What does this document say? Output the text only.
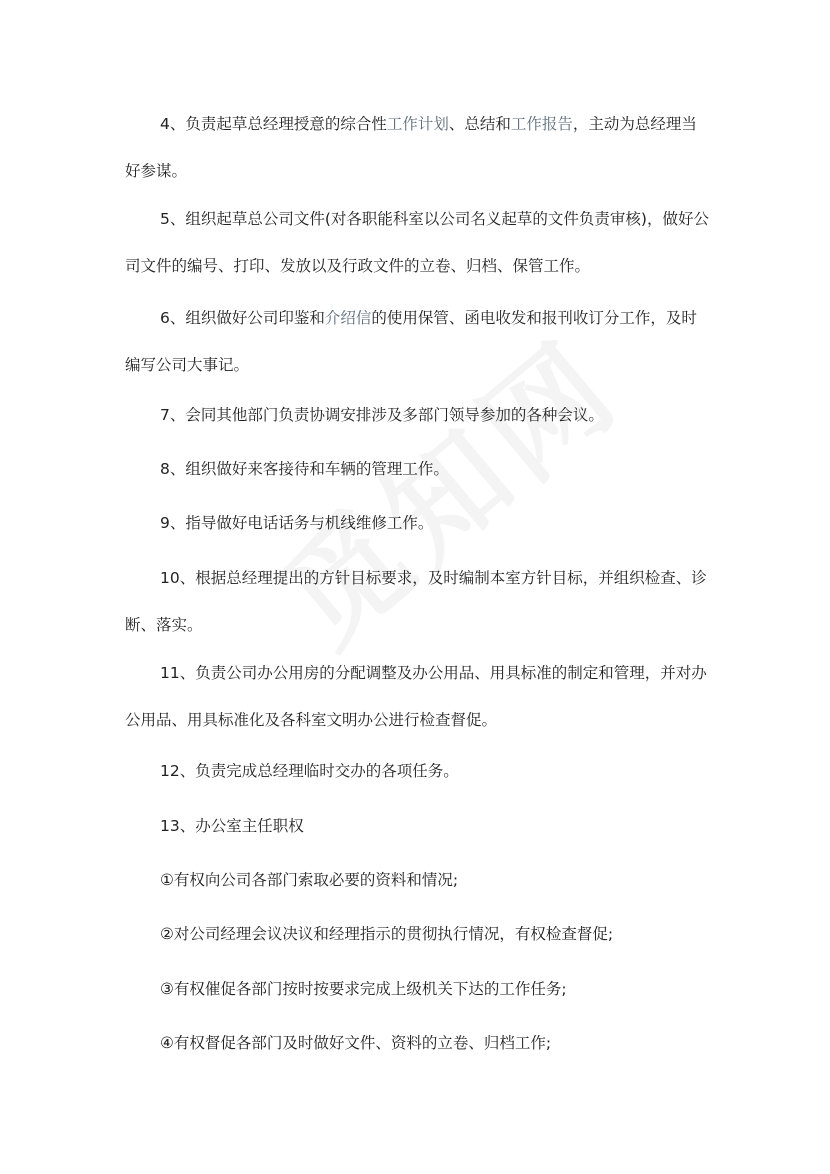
4、负责起草总经理授意的综合性工作计划、总结和工作报告，主动为总经理当好参谋。

5、组织起草总公司文件(对各职能科室以公司名义起草的文件负责审核)，做好公司文件的编号、打印、发放以及行政文件的立卷、归档、保管工作。

6、组织做好公司印鉴和介绍信的使用保管、函电收发和报刊收订分工作，及时编写公司大事记。

7、会同其他部门负责协调安排涉及多部门领导参加的各种会议。

8、组织做好来客接待和车辆的管理工作。

9、指导做好电话话务与机线维修工作。

10、根据总经理提出的方针目标要求，及时编制本室方针目标，并组织检查、诊断、落实。

11、负责公司办公用房的分配调整及办公用品、用具标准的制定和管理，并对办公用品、用具标准化及各科室文明办公进行检查督促。

12、负责完成总经理临时交办的各项任务。

13、办公室主任职权

①有权向公司各部门索取必要的资料和情况;

②对公司经理会议决议和经理指示的贯彻执行情况，有权检查督促;

③有权催促各部门按时按要求完成上级机关下达的工作任务;

④有权督促各部门及时做好文件、资料的立卷、归档工作;
